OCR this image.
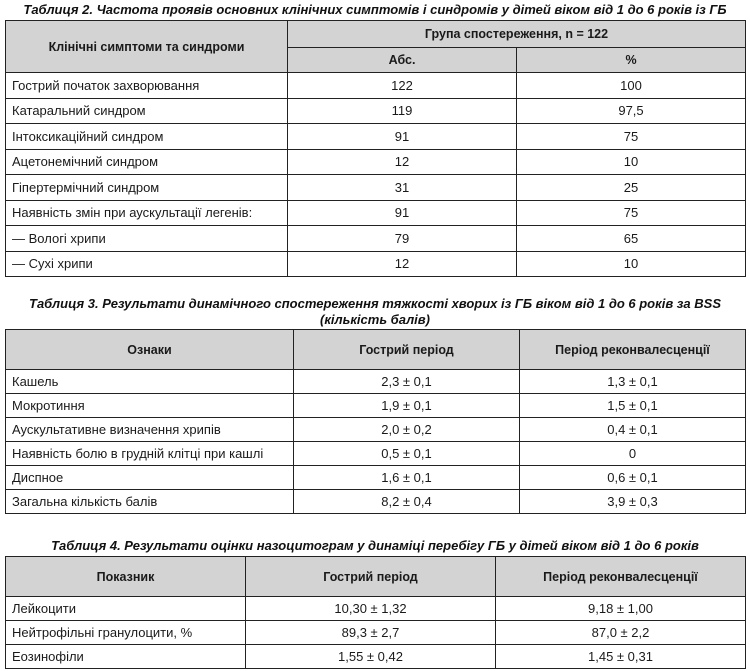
Таблиця 2. Частота проявів основних клінічних симптомів і синдромів у дітей віком від 1 до 6 років із ГБ
Клінічні симптоми та синдроми	Група спостереження, n = 122	
	Абс.	%
Гострий початок захворювання	122	100
Катаральний синдром	119	97,5
Інтоксикаційний синдром	91	75
Ацетонемічний синдром	12	10
Гіпертермічний синдром	31	25
Наявність змін при аускультації легенів:	91	75
— Вологі хрипи	79	65
— Сухі хрипи	12	10
Таблиця 3. Результати динамічного спостереження тяжкості хворих із ГБ віком від 1 до 6 років за BSS
(кількість балів)
Ознаки	Гострий період	Період реконвалесценції
Кашель	2,3 ± 0,1	1,3 ± 0,1
Мокротиння	1,9 ± 0,1	1,5 ± 0,1
Аускультативне визначення хрипів	2,0 ± 0,2	0,4 ± 0,1
Наявність болю в грудній клітці при кашлі	0,5 ± 0,1	0
Диспное	1,6 ± 0,1	0,6 ± 0,1
Загальна кількість балів	8,2 ± 0,4	3,9 ± 0,3
Таблиця 4. Результати оцінки назоцитограм у динаміці перебігу ГБ у дітей віком від 1 до 6 років
Показник	Гострий період	Період реконвалесценції
Лейкоцити	10,30 ± 1,32	9,18 ± 1,00
Нейтрофільні гранулоцити, %	89,3 ± 2,7	87,0 ± 2,2
Еозинофіли	1,55 ± 0,42	1,45 ± 0,31
